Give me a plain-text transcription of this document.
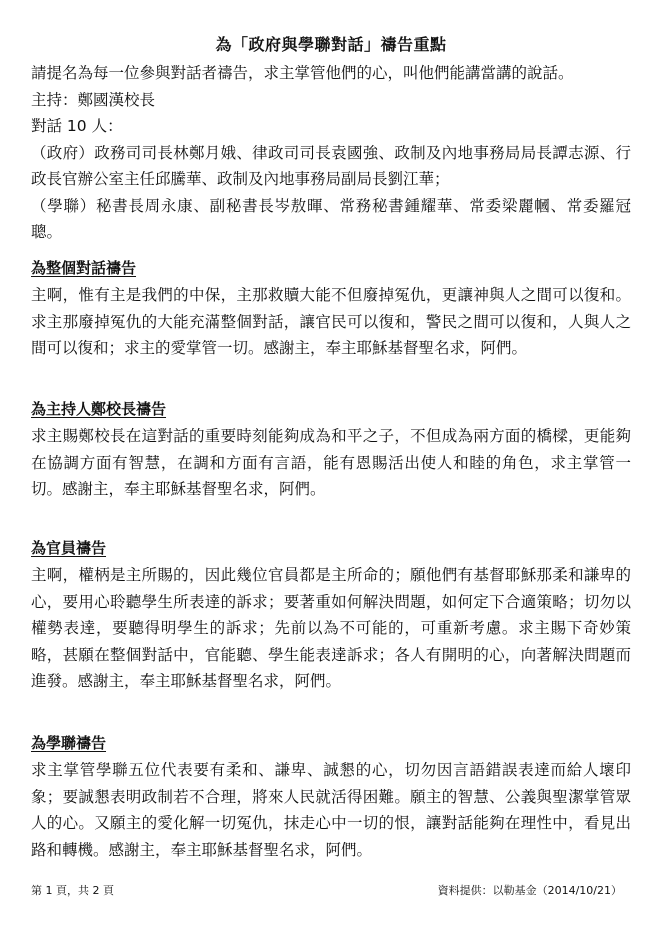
為「政府與學聯對話」禱告重點

請提名為每一位參與對話者禱告，求主掌管他們的心，叫他們能講當講的說話。

主持：鄭國漢校長

對話 10 人：

（政府）政務司司長林鄭月娥、律政司司長袁國強、政制及內地事務局局長譚志源、行政長官辦公室主任邱騰華、政制及內地事務局副局長劉江華；

（學聯）秘書長周永康、副秘書長岑敖暉、常務秘書鍾耀華、常委梁麗幗、常委羅冠聰。

為整個對話禱告

主啊，惟有主是我們的中保，主那救贖大能不但廢掉冤仇，更讓神與人之間可以復和。求主那廢掉冤仇的大能充滿整個對話，讓官民可以復和，警民之間可以復和，人與人之間可以復和；求主的愛掌管一切。感謝主，奉主耶穌基督聖名求，阿們。

為主持人鄭校長禱告

求主賜鄭校長在這對話的重要時刻能夠成為和平之子，不但成為兩方面的橋樑，更能夠在協調方面有智慧，在調和方面有言語，能有恩賜活出使人和睦的角色，求主掌管一切。感謝主，奉主耶穌基督聖名求，阿們。

為官員禱告

主啊，權柄是主所賜的，因此幾位官員都是主所命的；願他們有基督耶穌那柔和謙卑的心，要用心聆聽學生所表達的訴求；要著重如何解決問題，如何定下合適策略；切勿以權勢表達，要聽得明學生的訴求；先前以為不可能的，可重新考慮。求主賜下奇妙策略，甚願在整個對話中，官能聽、學生能表達訴求；各人有開明的心，向著解決問題而進發。感謝主，奉主耶穌基督聖名求，阿們。

為學聯禱告

求主掌管學聯五位代表要有柔和、謙卑、誠懇的心，切勿因言語錯誤表達而給人壞印象；要誠懇表明政制若不合理，將來人民就活得困難。願主的智慧、公義與聖潔掌管眾人的心。又願主的愛化解一切冤仇，抹走心中一切的恨，讓對話能夠在理性中，看見出路和轉機。感謝主，奉主耶穌基督聖名求，阿們。

第 1 頁，共 2 頁	資料提供：以勒基金（2014/10/21）
